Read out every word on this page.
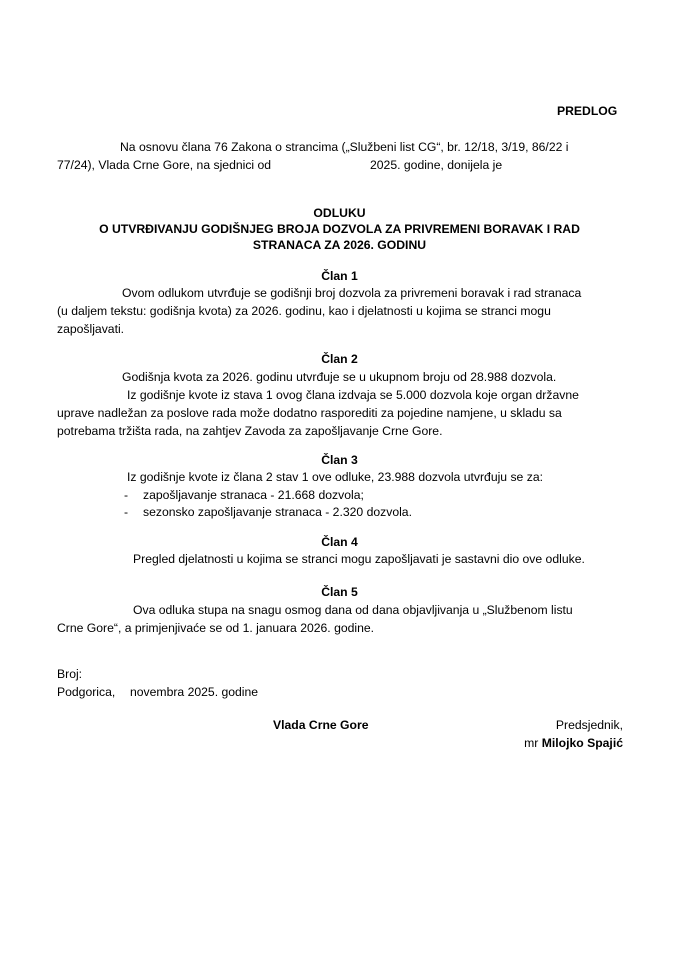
PREDLOG
Na osnovu člana 76 Zakona o strancima („Službeni list CG“, br. 12/18, 3/19, 86/22 i
77/24), Vlada Crne Gore, na sjednici od	2025. godine, donijela je
ODLUKU
O UTVRĐIVANJU GODIŠNJEG BROJA DOZVOLA ZA PRIVREMENI BORAVAK I RAD
STRANACA ZA 2026. GODINU
Član 1
Ovom odlukom utvrđuje se godišnji broj dozvola za privremeni boravak i rad stranaca
(u daljem tekstu: godišnja kvota) za 2026. godinu, kao i djelatnosti u kojima se stranci mogu
zapošljavati.
Član 2
Godišnja kvota za 2026. godinu utvrđuje se u ukupnom broju od 28.988 dozvola.
Iz godišnje kvote iz stava 1 ovog člana izdvaja se 5.000 dozvola koje organ državne
uprave nadležan za poslove rada može dodatno rasporediti za pojedine namjene, u skladu sa
potrebama tržišta rada, na zahtjev Zavoda za zapošljavanje Crne Gore.
Član 3
Iz godišnje kvote iz člana 2 stav 1 ove odluke, 23.988 dozvola utvrđuju se za:
- zapošljavanje stranaca - 21.668 dozvola;
- sezonsko zapošljavanje stranaca - 2.320 dozvola.
Član 4
Pregled djelatnosti u kojima se stranci mogu zapošljavati je sastavni dio ove odluke.
Član 5
Ova odluka stupa na snagu osmog dana od dana objavljivanja u „Službenom listu
Crne Gore“, a primjenjivaće se od 1. januara 2026. godine.
Broj:
Podgorica, novembra 2025. godine
Vlada Crne Gore	Predsjednik,
mr Milojko Spajić
